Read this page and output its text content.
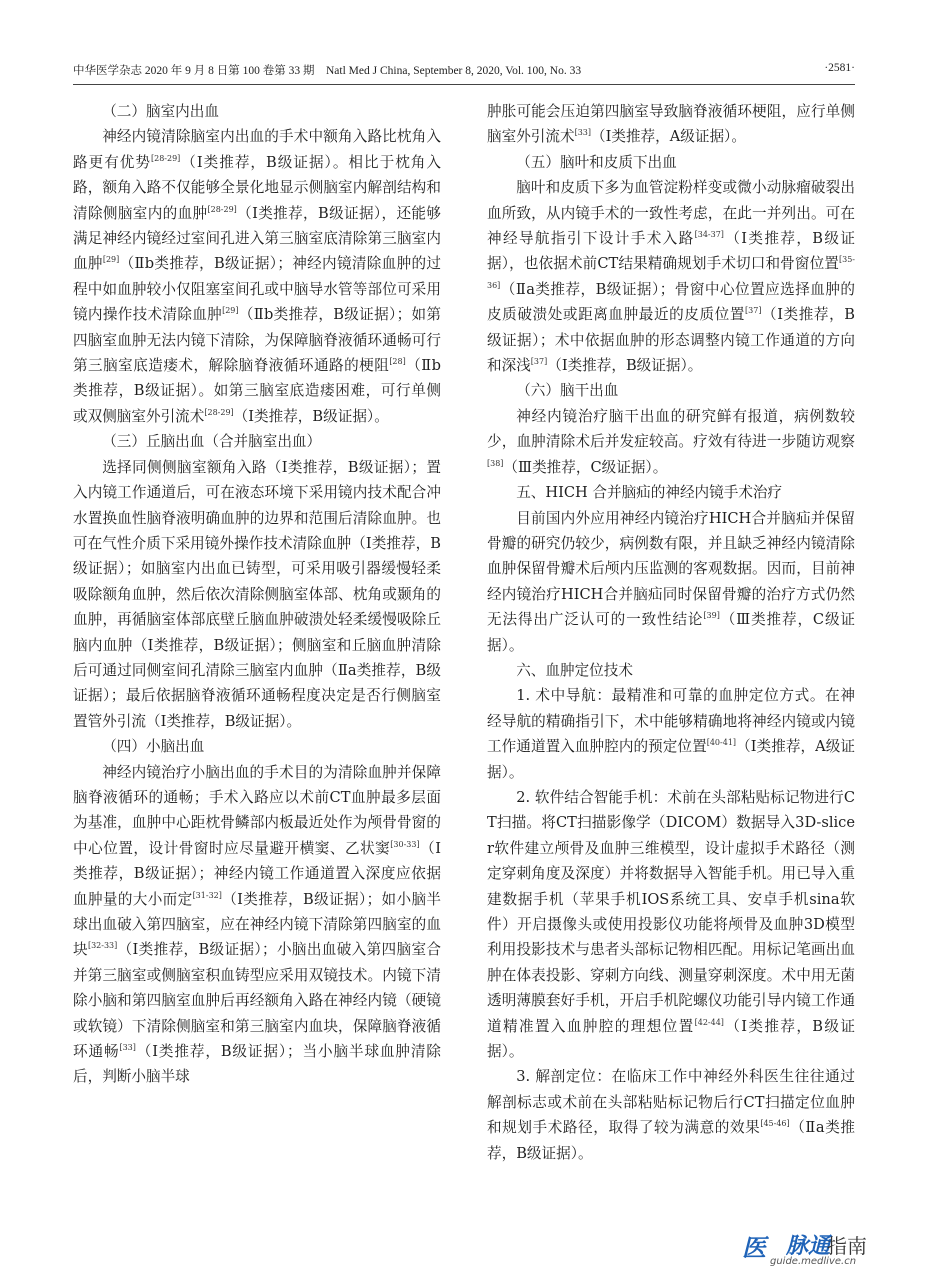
中华医学杂志 2020 年 9 月 8 日第 100 卷第 33 期　Natl Med J China, September 8, 2020, Vol. 100, No. 33	·2581·
（二）脑室内出血
神经内镜清除脑室内出血的手术中额角入路比枕角入路更有优势[28-29]（Ⅰ类推荐，B级证据）。相比于枕角入路，额角入路不仅能够全景化地显示侧脑室内解剖结构和清除侧脑室内的血肿[28-29]（Ⅰ类推荐，B级证据），还能够满足神经内镜经过室间孔进入第三脑室底清除第三脑室内血肿[29]（Ⅱb类推荐，B级证据）；神经内镜清除血肿的过程中如血肿较小仅阻塞室间孔或中脑导水管等部位可采用镜内操作技术清除血肿[29]（Ⅱb类推荐，B级证据）；如第四脑室血肿无法内镜下清除，为保障脑脊液循环通畅可行第三脑室底造瘘术，解除脑脊液循环通路的梗阻[28]（Ⅱb类推荐，B级证据）。如第三脑室底造瘘困难，可行单侧或双侧脑室外引流术[28-29]（Ⅰ类推荐，B级证据）。
（三）丘脑出血（合并脑室出血）
选择同侧侧脑室额角入路（Ⅰ类推荐，B级证据）；置入内镜工作通道后，可在液态环境下采用镜内技术配合冲水置换血性脑脊液明确血肿的边界和范围后清除血肿。也可在气性介质下采用镜外操作技术清除血肿（Ⅰ类推荐，B级证据）；如脑室内出血已铸型，可采用吸引器缓慢轻柔吸除额角血肿，然后依次清除侧脑室体部、枕角或颞角的血肿，再循脑室体部底壁丘脑血肿破溃处轻柔缓慢吸除丘脑内血肿（Ⅰ类推荐，B级证据）；侧脑室和丘脑血肿清除后可通过同侧室间孔清除三脑室内血肿（Ⅱa类推荐，B级证据）；最后依据脑脊液循环通畅程度决定是否行侧脑室置管外引流（Ⅰ类推荐，B级证据）。
（四）小脑出血
神经内镜治疗小脑出血的手术目的为清除血肿并保障脑脊液循环的通畅；手术入路应以术前CT血肿最多层面为基准，血肿中心距枕骨鳞部内板最近处作为颅骨骨窗的中心位置，设计骨窗时应尽量避开横窦、乙状窦[30-33]（Ⅰ类推荐，B级证据）；神经内镜工作通道置入深度应依据血肿量的大小而定[31-32]（Ⅰ类推荐，B级证据）；如小脑半球出血破入第四脑室，应在神经内镜下清除第四脑室的血块[32-33]（Ⅰ类推荐，B级证据）；小脑出血破入第四脑室合并第三脑室或侧脑室积血铸型应采用双镜技术。内镜下清除小脑和第四脑室血肿后再经额角入路在神经内镜（硬镜或软镜）下清除侧脑室和第三脑室内血块，保障脑脊液循环通畅[33]（Ⅰ类推荐，B级证据）；当小脑半球血肿清除后，判断小脑半球
肿胀可能会压迫第四脑室导致脑脊液循环梗阻，应行单侧脑室外引流术[33]（Ⅰ类推荐，A级证据）。
（五）脑叶和皮质下出血
脑叶和皮质下多为血管淀粉样变或微小动脉瘤破裂出血所致，从内镜手术的一致性考虑，在此一并列出。可在神经导航指引下设计手术入路[34-37]（Ⅰ类推荐，B级证据），也依据术前CT结果精确规划手术切口和骨窗位置[35-36]（Ⅱa类推荐，B级证据）；骨窗中心位置应选择血肿的皮质破溃处或距离血肿最近的皮质位置[37]（Ⅰ类推荐，B级证据）；术中依据血肿的形态调整内镜工作通道的方向和深浅[37]（Ⅰ类推荐，B级证据）。
（六）脑干出血
神经内镜治疗脑干出血的研究鲜有报道，病例数较少，血肿清除术后并发症较高。疗效有待进一步随访观察[38]（Ⅲ类推荐，C级证据）。
五、HICH 合并脑疝的神经内镜手术治疗
目前国内外应用神经内镜治疗HICH合并脑疝并保留骨瓣的研究仍较少，病例数有限，并且缺乏神经内镜清除血肿保留骨瓣术后颅内压监测的客观数据。因而，目前神经内镜治疗HICH合并脑疝同时保留骨瓣的治疗方式仍然无法得出广泛认可的一致性结论[39]（Ⅲ类推荐，C级证据）。
六、血肿定位技术
1. 术中导航：最精准和可靠的血肿定位方式。在神经导航的精确指引下，术中能够精确地将神经内镜或内镜工作通道置入血肿腔内的预定位置[40-41]（Ⅰ类推荐，A级证据）。
2. 软件结合智能手机：术前在头部粘贴标记物进行CT扫描。将CT扫描影像学（DICOM）数据导入3D-slicer软件建立颅骨及血肿三维模型，设计虚拟手术路径（测定穿刺角度及深度）并将数据导入智能手机。用已导入重建数据手机（苹果手机IOS系统工具、安卓手机sina软件）开启摄像头或使用投影仪功能将颅骨及血肿3D模型利用投影技术与患者头部标记物相匹配。用标记笔画出血肿在体表投影、穿刺方向线、测量穿刺深度。术中用无菌透明薄膜套好手机，开启手机陀螺仪功能引导内镜工作通道精准置入血肿腔的理想位置[42-44]（Ⅰ类推荐，B级证据）。
3. 解剖定位：在临床工作中神经外科医生往往通过解剖标志或术前在头部粘贴标记物后行CT扫描定位血肿和规划手术路径，取得了较为满意的效果[45-46]（Ⅱa类推荐，B级证据）。
医 脉通
指南
guide.medlive.cn
